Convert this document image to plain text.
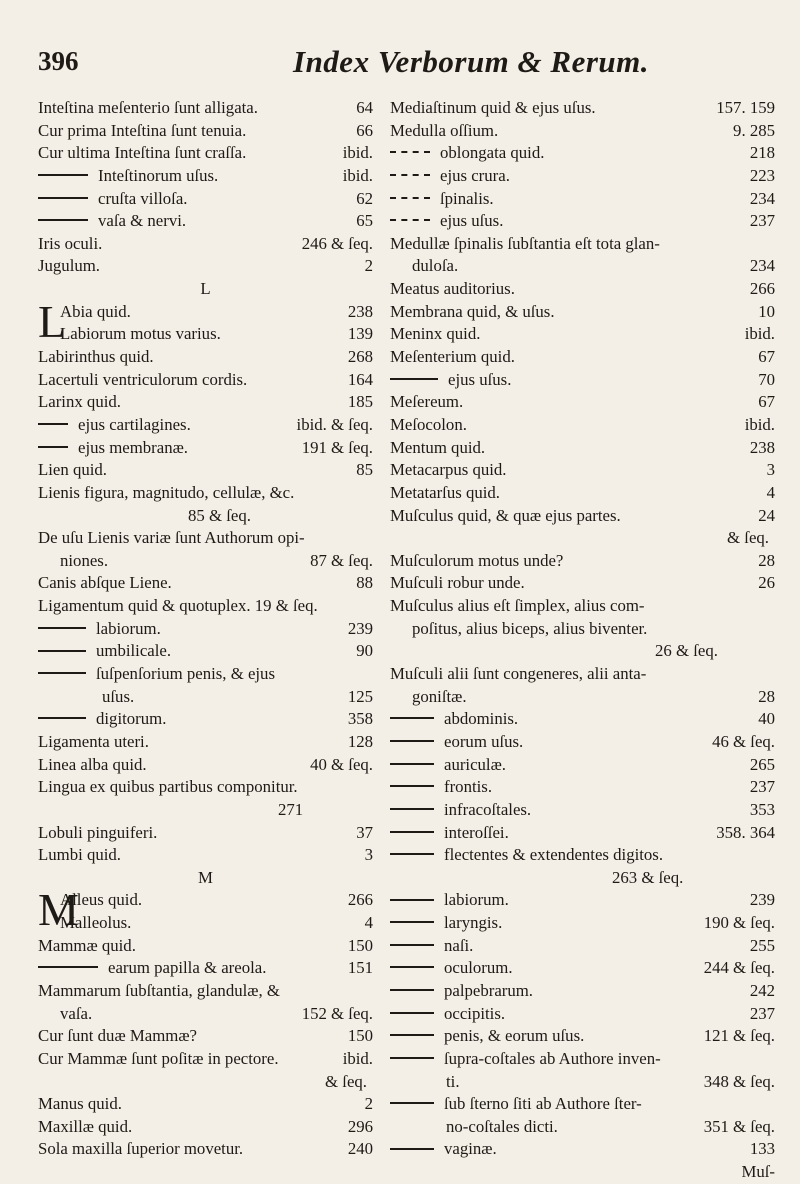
396	Index Verborum & Rerum.
Inteſtina meſenterio ſunt alligata.	64
Cur prima Inteſtina ſunt tenuia.	66
Cur ultima Inteſtina ſunt craſſa.	ibid.
Inteſtinorum uſus.	ibid.
cruſta villoſa.	62
vaſa & nervi.	65
Iris oculi.	246 & ſeq.
Jugulum.	2
L
L
Abia quid.	238
Labiorum motus varius.	139
Labirinthus quid.	268
Lacertuli ventriculorum cordis.	164
Larinx quid.	185
ejus cartilagines.	ibid. & ſeq.
ejus membranæ.	191 & ſeq.
Lien quid.	85
Lienis figura, magnitudo, cellulæ, &c.
85 & ſeq.
De uſu Lienis variæ ſunt Authorum opi-
niones.	87 & ſeq.
Canis abſque Liene.	88
Ligamentum quid & quotuplex. 19 & ſeq.
labiorum.	239
umbilicale.	90
ſuſpenſorium penis, & ejus
uſus.	125
digitorum.	358
Ligamenta uteri.	128
Linea alba quid.	40 & ſeq.
Lingua ex quibus partibus componitur.
271
Lobuli pinguiferi.	37
Lumbi quid.	3
M
M
Alleus quid.	266
Malleolus.	4
Mammæ quid.	150
earum papilla & areola.	151
Mammarum ſubſtantia, glandulæ, &
vaſa.	152 & ſeq.
Cur ſunt duæ Mammæ?	150
Cur Mammæ ſunt poſitæ in pectore.	ibid.
& ſeq.
Manus quid.	2
Maxillæ quid.	296
Sola maxilla ſuperior movetur.	240
Mediaſtinum quid & ejus uſus.	157. 159
Medulla oſſium.	9. 285
oblongata quid.	218
ejus crura.	223
ſpinalis.	234
ejus uſus.	237
Medullæ ſpinalis ſubſtantia eſt tota glan-
duloſa.	234
Meatus auditorius.	266
Membrana quid, & uſus.	10
Meninx quid.	ibid.
Meſenterium quid.	67
ejus uſus.	70
Meſereum.	67
Meſocolon.	ibid.
Mentum quid.	238
Metacarpus quid.	3
Metatarſus quid.	4
Muſculus quid, & quæ ejus partes.	24
& ſeq.
Muſculorum motus unde?	28
Muſculi robur unde.	26
Muſculus alius eſt ſimplex, alius com-
poſitus, alius biceps, alius biventer.
26 & ſeq.
Muſculi alii ſunt congeneres, alii anta-
goniſtæ.	28
abdominis.	40
eorum uſus.	46 & ſeq.
auriculæ.	265
frontis.	237
infracoſtales.	353
interoſſei.	358. 364
flectentes & extendentes digitos.
263 & ſeq.
labiorum.	239
laryngis.	190 & ſeq.
naſi.	255
oculorum.	244 & ſeq.
palpebrarum.	242
occipitis.	237
penis, & eorum uſus.	121 & ſeq.
ſupra-coſtales ab Authore inven-
ti.	348 & ſeq.
ſub ſterno ſiti ab Authore ſter-
no-coſtales dicti.	351 & ſeq.
vaginæ.	133
Muſ-
